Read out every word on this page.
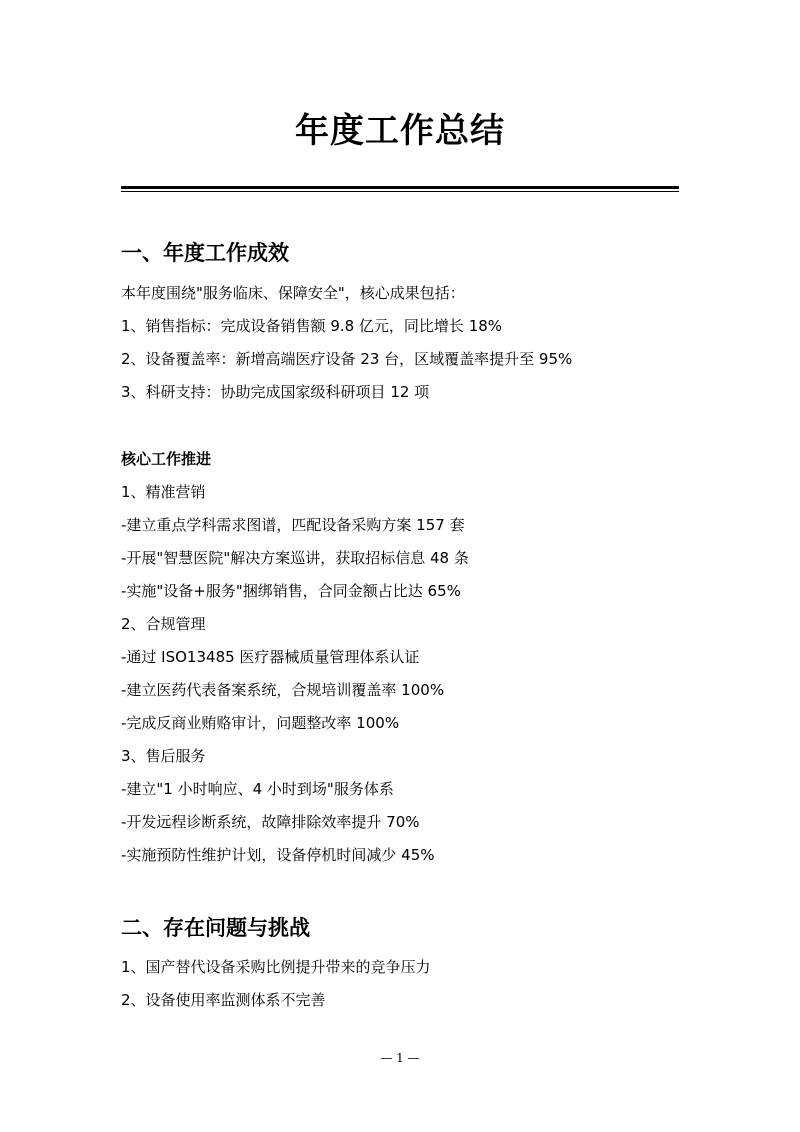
年度工作总结
一、年度工作成效
本年度围绕"服务临床、保障安全"，核心成果包括：
1、销售指标：完成设备销售额 9.8 亿元，同比增长 18%
2、设备覆盖率：新增高端医疗设备 23 台，区域覆盖率提升至 95%
3、科研支持：协助完成国家级科研项目 12 项
核心工作推进
1、精准营销
-建立重点学科需求图谱，匹配设备采购方案 157 套
-开展"智慧医院"解决方案巡讲，获取招标信息 48 条
-实施"设备+服务"捆绑销售，合同金额占比达 65%
2、合规管理
-通过 ISO13485 医疗器械质量管理体系认证
-建立医药代表备案系统，合规培训覆盖率 100%
-完成反商业贿赂审计，问题整改率 100%
3、售后服务
-建立"1 小时响应、4 小时到场"服务体系
-开发远程诊断系统，故障排除效率提升 70%
-实施预防性维护计划，设备停机时间减少 45%
二、存在问题与挑战
1、国产替代设备采购比例提升带来的竞争压力
2、设备使用率监测体系不完善
— 1 —
